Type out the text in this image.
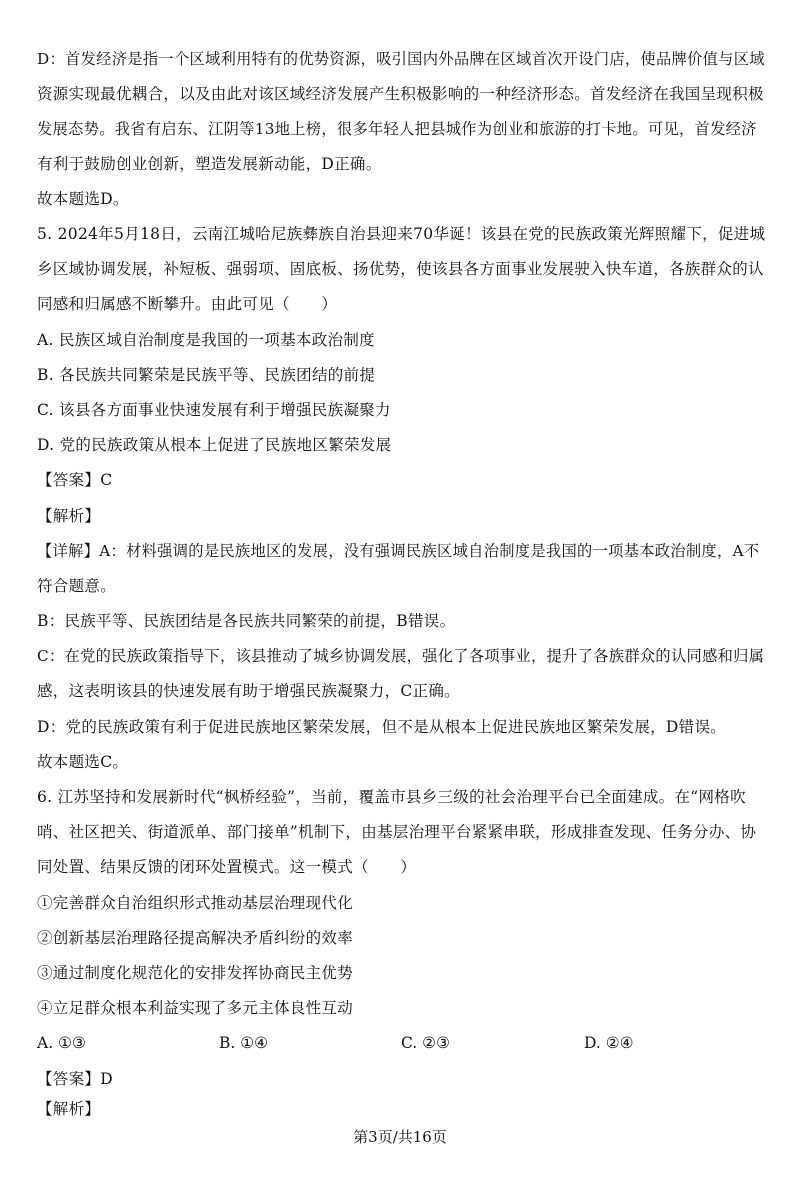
D：首发经济是指一个区域利用特有的优势资源，吸引国内外品牌在区域首次开设门店，使品牌价值与区域
资源实现最优耦合，以及由此对该区域经济发展产生积极影响的一种经济形态。首发经济在我国呈现积极
发展态势。我省有启东、江阴等13地上榜，很多年轻人把县城作为创业和旅游的打卡地。可见，首发经济
有利于鼓励创业创新，塑造发展新动能，D正确。
故本题选D。
5. 2024年5月18日，云南江城哈尼族彝族自治县迎来70华诞！该县在党的民族政策光辉照耀下，促进城
乡区域协调发展，补短板、强弱项、固底板、扬优势，使该县各方面事业发展驶入快车道，各族群众的认
同感和归属感不断攀升。由此可见（　　）
A. 民族区域自治制度是我国的一项基本政治制度
B. 各民族共同繁荣是民族平等、民族团结的前提
C. 该县各方面事业快速发展有利于增强民族凝聚力
D. 党的民族政策从根本上促进了民族地区繁荣发展
【答案】C
【解析】
【详解】A：材料强调的是民族地区的发展，没有强调民族区域自治制度是我国的一项基本政治制度，A不
符合题意。
B：民族平等、民族团结是各民族共同繁荣的前提，B错误。
C：在党的民族政策指导下，该县推动了城乡协调发展，强化了各项事业，提升了各族群众的认同感和归属
感，这表明该县的快速发展有助于增强民族凝聚力，C正确。
D：党的民族政策有利于促进民族地区繁荣发展，但不是从根本上促进民族地区繁荣发展，D错误。
故本题选C。
6. 江苏坚持和发展新时代“枫桥经验”，当前，覆盖市县乡三级的社会治理平台已全面建成。在“网格吹
哨、社区把关、街道派单、部门接单”机制下，由基层治理平台紧紧串联，形成排查发现、任务分办、协
同处置、结果反馈的闭环处置模式。这一模式（　　）
①完善群众自治组织形式推动基层治理现代化
②创新基层治理路径提高解决矛盾纠纷的效率
③通过制度化规范化的安排发挥协商民主优势
④立足群众根本利益实现了多元主体良性互动
A. ①③	B. ①④	C. ②③	D. ②④
【答案】D
【解析】
第3页/共16页
